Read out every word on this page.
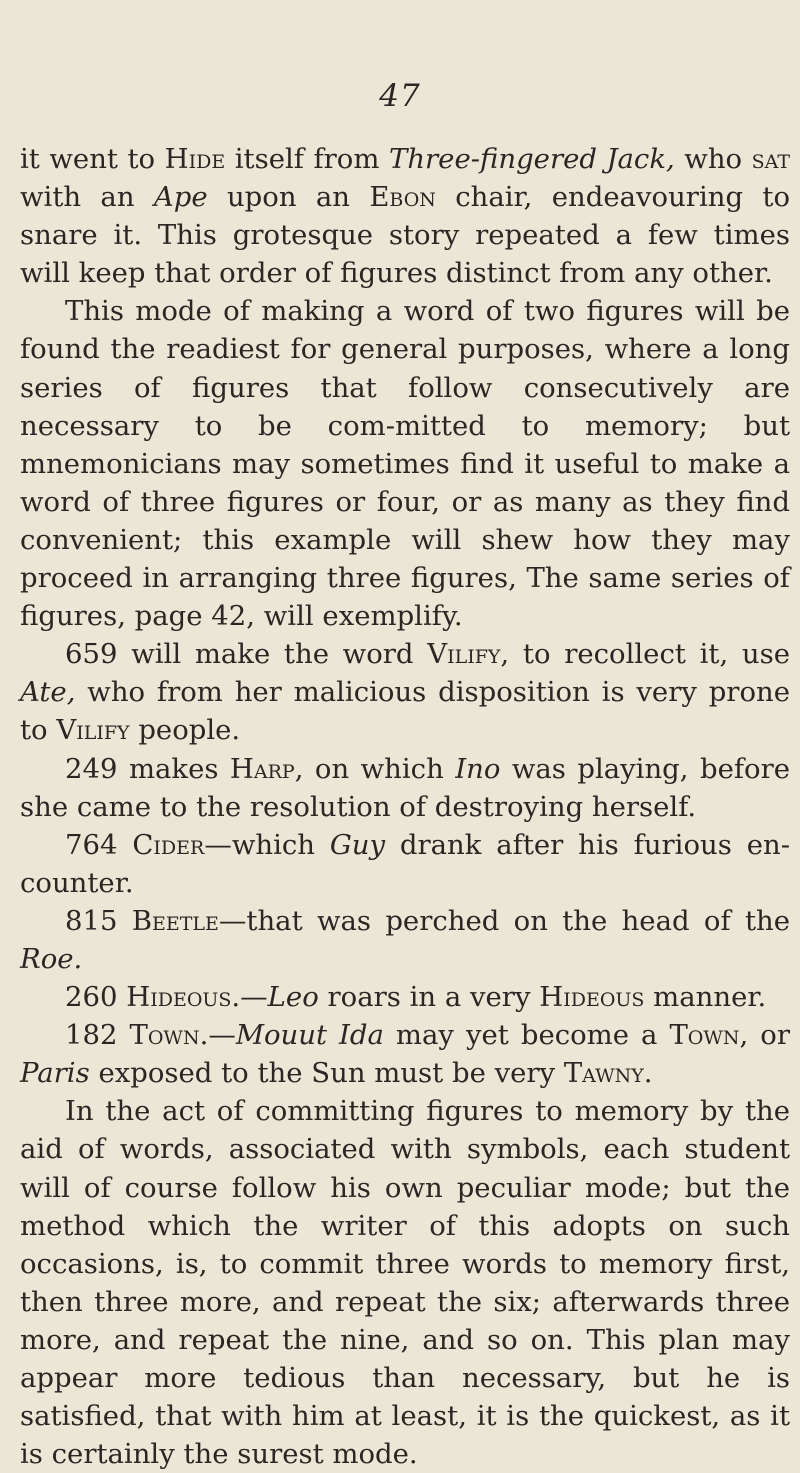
47

it went to Hide itself from Three-fingered Jack, who sat with an Ape upon an Ebon chair, endeavouring to snare it. This grotesque story repeated a few times will keep that order of figures distinct from any other.

This mode of making a word of two figures will be found the readiest for general purposes, where a long series of figures that follow consecutively are necessary to be com-mitted to memory; but mnemonicians may sometimes find it useful to make a word of three figures or four, or as many as they find convenient; this example will shew how they may proceed in arranging three figures, The same series of figures, page 42, will exemplify.

659 will make the word Vilify, to recollect it, use Ate, who from her malicious disposition is very prone to Vilify people.

249 makes Harp, on which Ino was playing, before she came to the resolution of destroying herself.

764 Cider—which Guy drank after his furious en-counter.

815 Beetle—that was perched on the head of the Roe.

260 Hideous.—Leo roars in a very Hideous manner.

182 Town.—Mouut Ida may yet become a Town, or Paris exposed to the Sun must be very Tawny.

In the act of committing figures to memory by the aid of words, associated with symbols, each student will of course follow his own peculiar mode; but the method which the writer of this adopts on such occasions, is, to commit three words to memory first, then three more, and repeat the six; afterwards three more, and repeat the nine, and so on. This plan may appear more tedious than necessary, but he is satisfied, that with him at least, it is the quickest, as it is certainly the surest mode.
